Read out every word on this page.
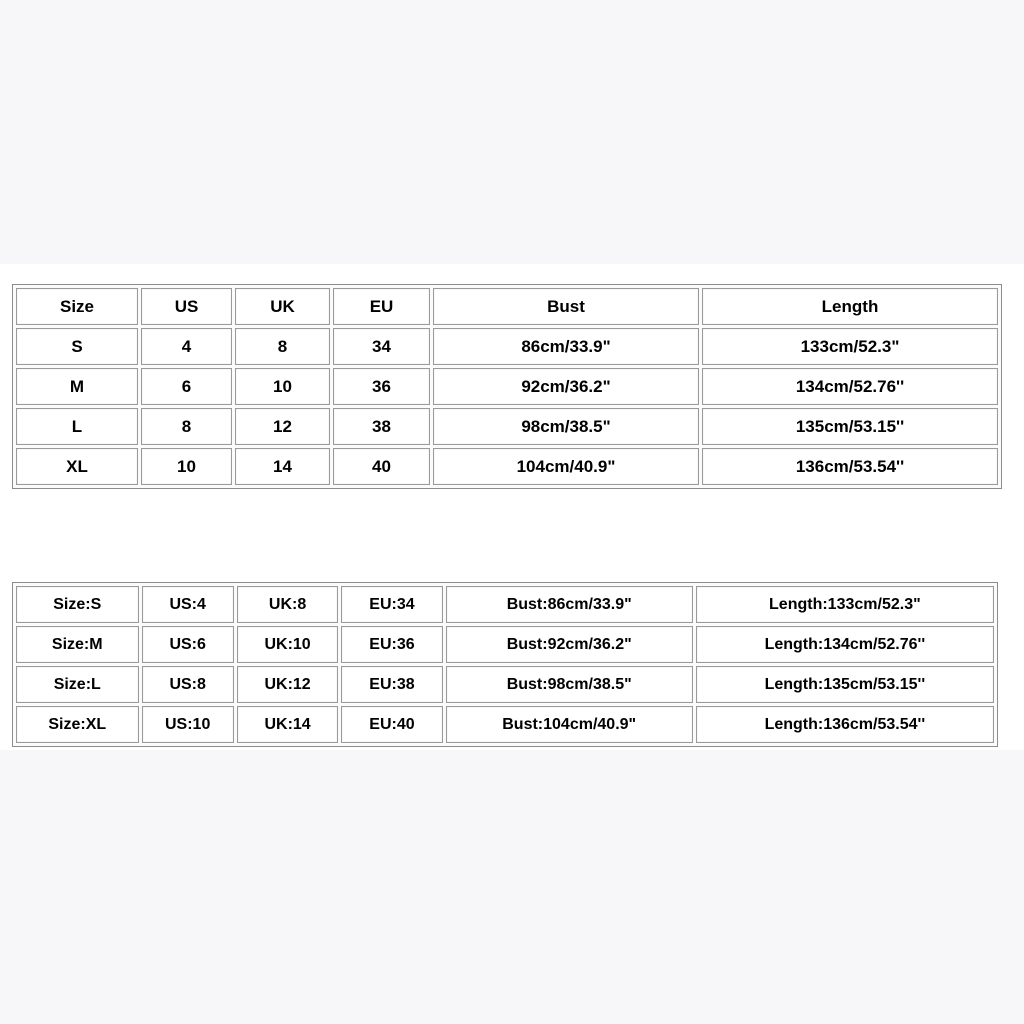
Size	US	UK	EU	Bust	Length
S	4	8	34	86cm/33.9"	133cm/52.3"
M	6	10	36	92cm/36.2"	134cm/52.76''
L	8	12	38	98cm/38.5"	135cm/53.15''
XL	10	14	40	104cm/40.9"	136cm/53.54''
Size:S	US:4	UK:8	EU:34	Bust:86cm/33.9"	Length:133cm/52.3"
Size:M	US:6	UK:10	EU:36	Bust:92cm/36.2"	Length:134cm/52.76''
Size:L	US:8	UK:12	EU:38	Bust:98cm/38.5"	Length:135cm/53.15''
Size:XL	US:10	UK:14	EU:40	Bust:104cm/40.9"	Length:136cm/53.54''
